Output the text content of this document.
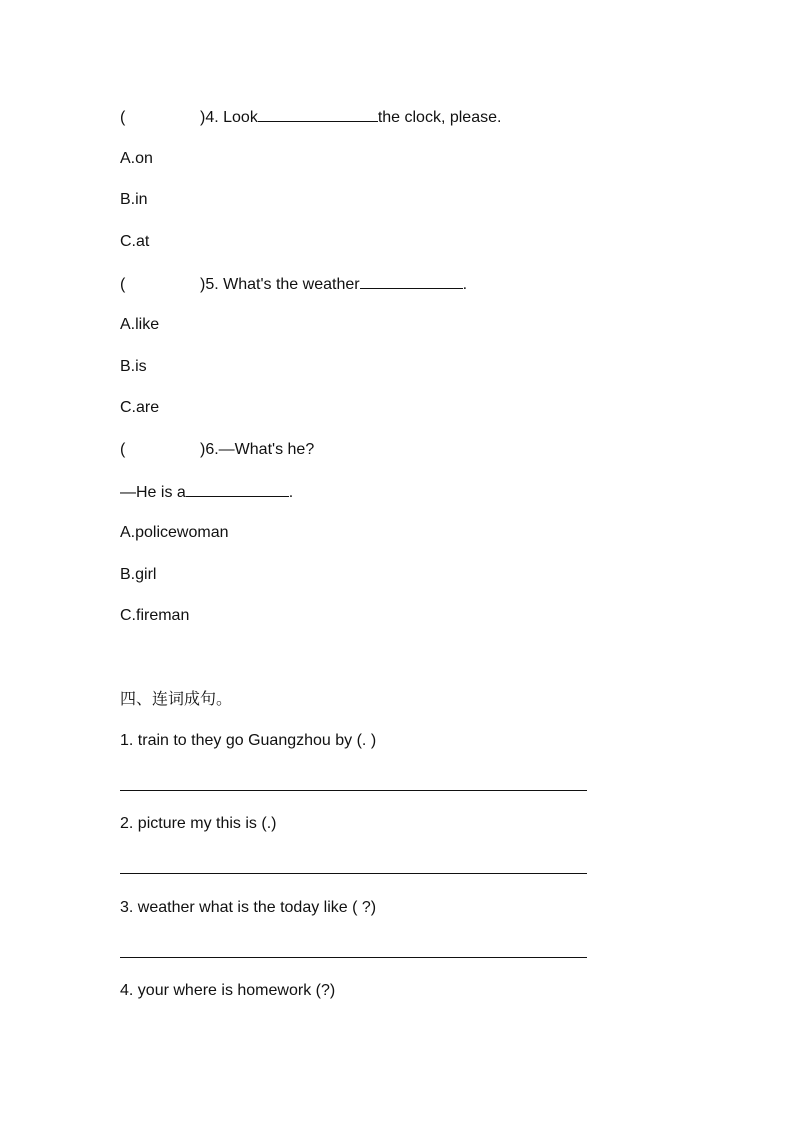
(	)4. Look	the clock, please.
A.on
B.in
C.at
(	)5. What's the weather	.
A.like
B.is
C.are
(	)6.—What's he?
—He is a	.
A.policewoman
B.girl
C.fireman
四、连词成句。
1. train to they go Guangzhou by (. )
2. picture my this is (.)
3. weather what is the today like ( ?)
4. your where is homework (?)
